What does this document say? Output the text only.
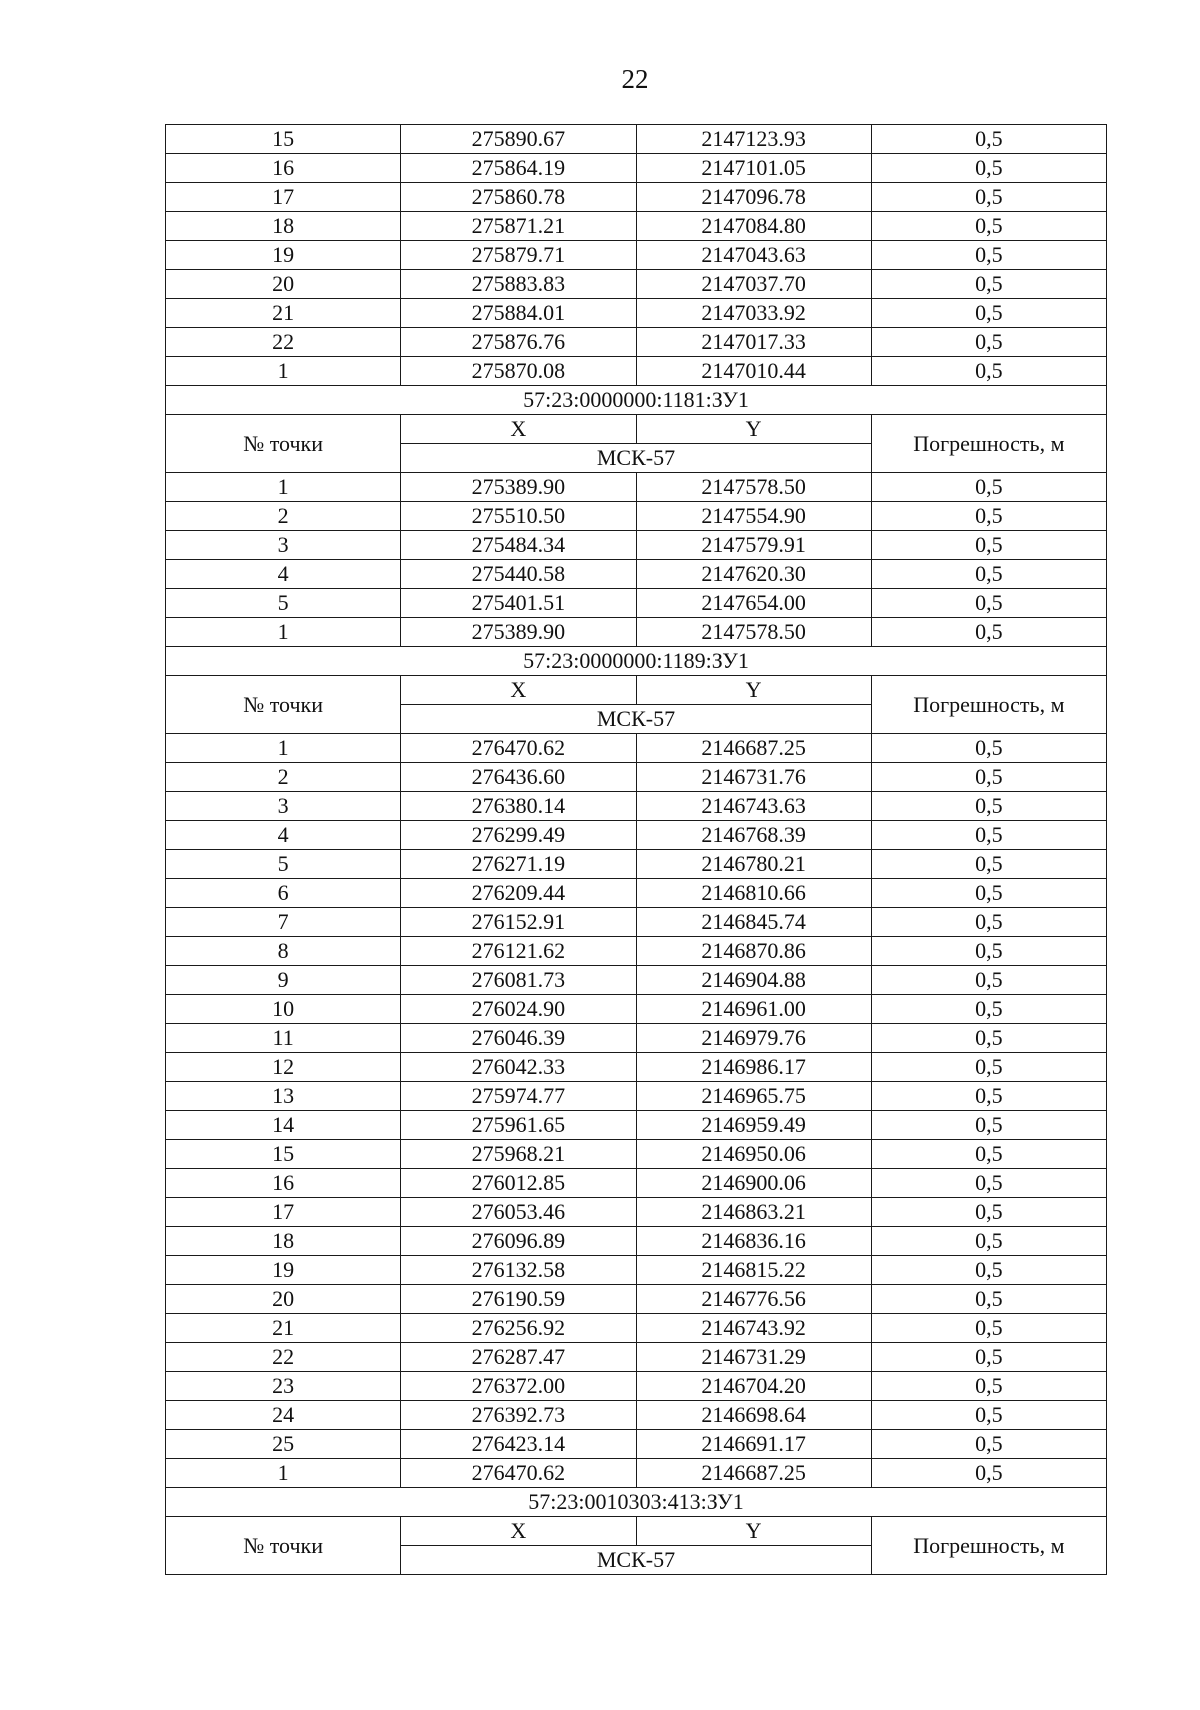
22
15	275890.67	2147123.93	0,5
16	275864.19	2147101.05	0,5
17	275860.78	2147096.78	0,5
18	275871.21	2147084.80	0,5
19	275879.71	2147043.63	0,5
20	275883.83	2147037.70	0,5
21	275884.01	2147033.92	0,5
22	275876.76	2147017.33	0,5
1	275870.08	2147010.44	0,5
57:23:0000000:1181:ЗУ1			
№ точки	X	Y	Погрешность, м
	МСК-57		
1	275389.90	2147578.50	0,5
2	275510.50	2147554.90	0,5
3	275484.34	2147579.91	0,5
4	275440.58	2147620.30	0,5
5	275401.51	2147654.00	0,5
1	275389.90	2147578.50	0,5
57:23:0000000:1189:ЗУ1			
№ точки	X	Y	Погрешность, м
	МСК-57		
1	276470.62	2146687.25	0,5
2	276436.60	2146731.76	0,5
3	276380.14	2146743.63	0,5
4	276299.49	2146768.39	0,5
5	276271.19	2146780.21	0,5
6	276209.44	2146810.66	0,5
7	276152.91	2146845.74	0,5
8	276121.62	2146870.86	0,5
9	276081.73	2146904.88	0,5
10	276024.90	2146961.00	0,5
11	276046.39	2146979.76	0,5
12	276042.33	2146986.17	0,5
13	275974.77	2146965.75	0,5
14	275961.65	2146959.49	0,5
15	275968.21	2146950.06	0,5
16	276012.85	2146900.06	0,5
17	276053.46	2146863.21	0,5
18	276096.89	2146836.16	0,5
19	276132.58	2146815.22	0,5
20	276190.59	2146776.56	0,5
21	276256.92	2146743.92	0,5
22	276287.47	2146731.29	0,5
23	276372.00	2146704.20	0,5
24	276392.73	2146698.64	0,5
25	276423.14	2146691.17	0,5
1	276470.62	2146687.25	0,5
57:23:0010303:413:ЗУ1			
№ точки	X	Y	Погрешность, м
	МСК-57		
